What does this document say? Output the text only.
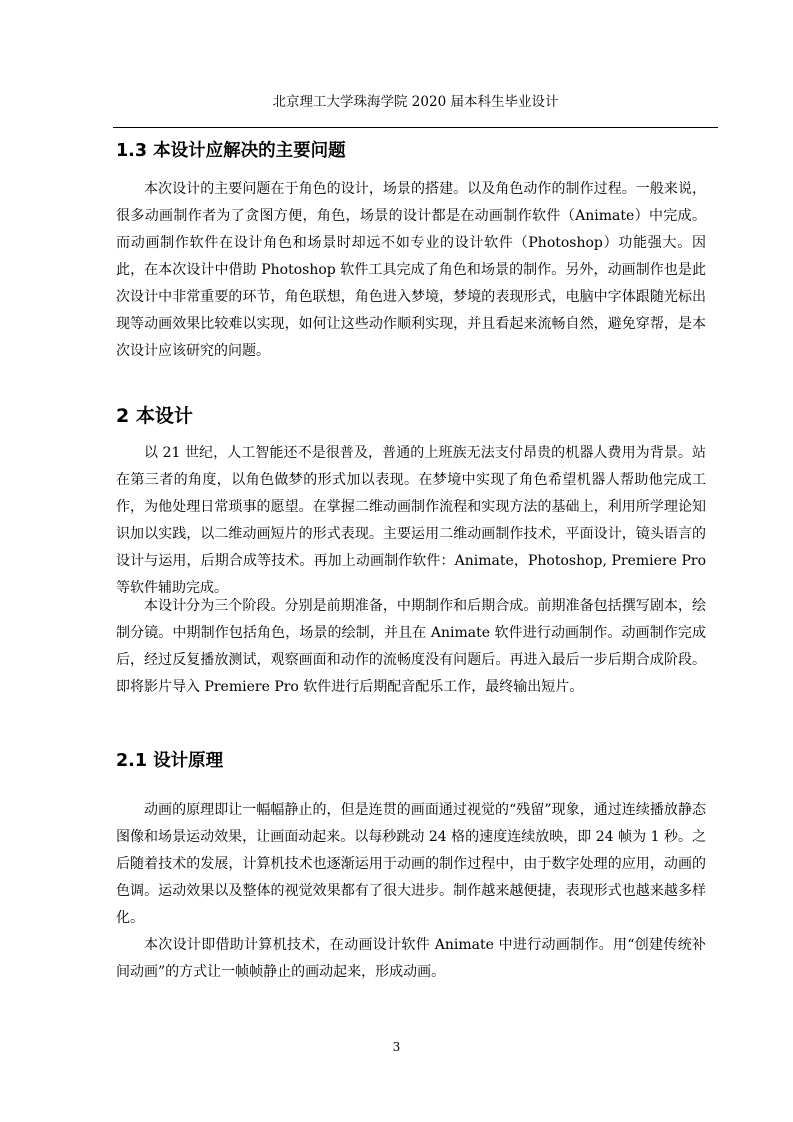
北京理工大学珠海学院 2020 届本科生毕业设计
1.3 本设计应解决的主要问题
本次设计的主要问题在于角色的设计，场景的搭建。以及角色动作的制作过程。一般来说，很多动画制作者为了贪图方便，角色，场景的设计都是在动画制作软件（Animate）中完成。而动画制作软件在设计角色和场景时却远不如专业的设计软件（Photoshop）功能强大。因此，在本次设计中借助 Photoshop 软件工具完成了角色和场景的制作。另外，动画制作也是此次设计中非常重要的环节，角色联想，角色进入梦境，梦境的表现形式，电脑中字体跟随光标出现等动画效果比较难以实现，如何让这些动作顺利实现，并且看起来流畅自然，避免穿帮，是本次设计应该研究的问题。
2 本设计
以 21 世纪，人工智能还不是很普及，普通的上班族无法支付昂贵的机器人费用为背景。站在第三者的角度，以角色做梦的形式加以表现。在梦境中实现了角色希望机器人帮助他完成工作，为他处理日常琐事的愿望。在掌握二维动画制作流程和实现方法的基础上，利用所学理论知识加以实践，以二维动画短片的形式表现。主要运用二维动画制作技术，平面设计，镜头语言的设计与运用，后期合成等技术。再加上动画制作软件：Animate，Photoshop, Premiere Pro 等软件辅助完成。
本设计分为三个阶段。分别是前期准备，中期制作和后期合成。前期准备包括撰写剧本，绘制分镜。中期制作包括角色，场景的绘制，并且在 Animate 软件进行动画制作。动画制作完成后，经过反复播放测试，观察画面和动作的流畅度没有问题后。再进入最后一步后期合成阶段。即将影片导入 Premiere Pro 软件进行后期配音配乐工作，最终输出短片。
2.1 设计原理
动画的原理即让一幅幅静止的，但是连贯的画面通过视觉的“残留”现象，通过连续播放静态图像和场景运动效果，让画面动起来。以每秒跳动 24 格的速度连续放映，即 24 帧为 1 秒。之后随着技术的发展，计算机技术也逐渐运用于动画的制作过程中，由于数字处理的应用，动画的色调。运动效果以及整体的视觉效果都有了很大进步。制作越来越便捷，表现形式也越来越多样化。
本次设计即借助计算机技术，在动画设计软件 Animate 中进行动画制作。用“创建传统补间动画”的方式让一帧帧静止的画动起来，形成动画。
3
